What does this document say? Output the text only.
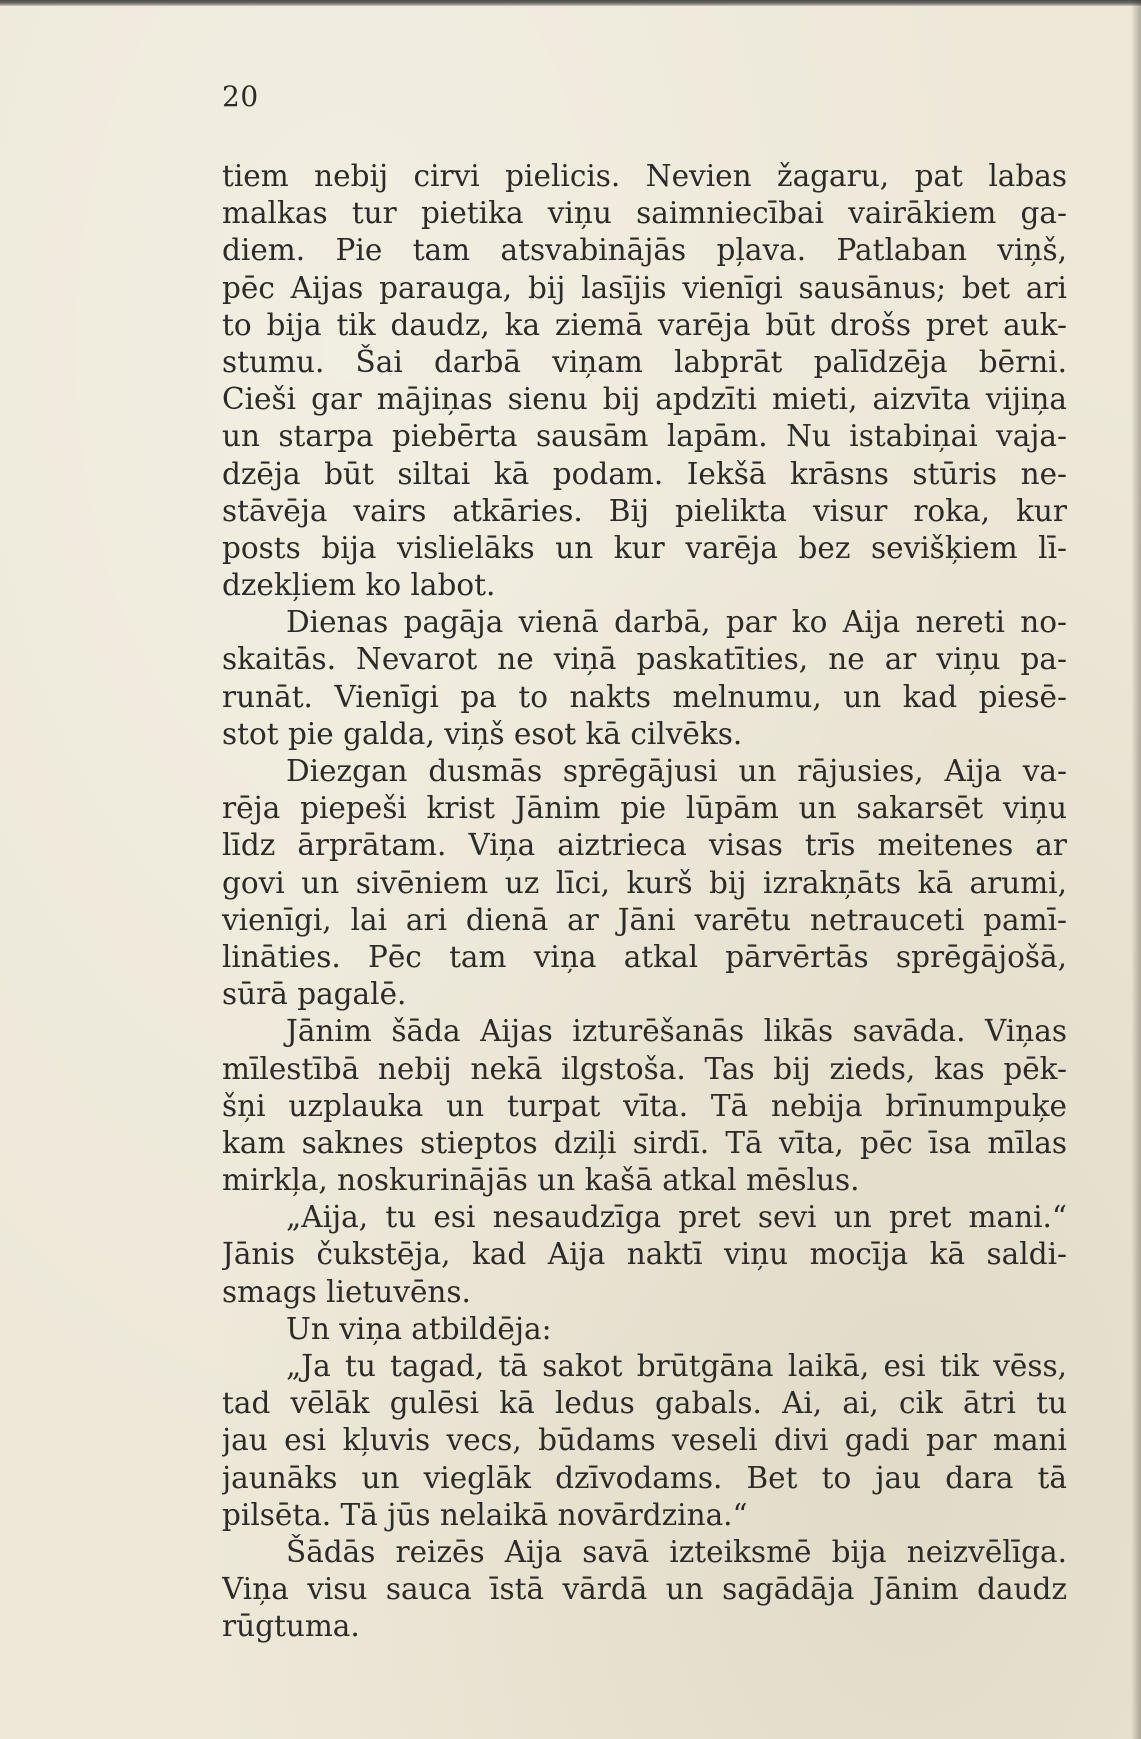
20
tiem nebij cirvi pielicis. Nevien žagaru, pat labas
malkas tur pietika viņu saimniecībai vairākiem ga-
diem. Pie tam atsvabinājās pļava. Patlaban viņš,
pēc Aijas parauga, bij lasījis vienīgi sausānus; bet ari
to bija tik daudz, ka ziemā varēja būt drošs pret auk-
stumu. Šai darbā viņam labprāt palīdzēja bērni.
Cieši gar mājiņas sienu bij apdzīti mieti, aizvīta vijiņa
un starpa piebērta sausām lapām. Nu istabiņai vaja-
dzēja būt siltai kā podam. Iekšā krāsns stūris ne-
stāvēja vairs atkāries. Bij pielikta visur roka, kur
posts bija vislielāks un kur varēja bez sevišķiem lī-
dzekļiem ko labot.
Dienas pagāja vienā darbā, par ko Aija nereti no-
skaitās. Nevarot ne viņā paskatīties, ne ar viņu pa-
runāt. Vienīgi pa to nakts melnumu, un kad piesē-
stot pie galda, viņš esot kā cilvēks.
Diezgan dusmās sprēgājusi un rājusies, Aija va-
rēja piepeši krist Jānim pie lūpām un sakarsēt viņu
līdz ārprātam. Viņa aiztrieca visas trīs meitenes ar
govi un sivēniem uz līci, kurš bij izrakņāts kā arumi,
vienīgi, lai ari dienā ar Jāni varētu netrauceti pamī-
lināties. Pēc tam viņa atkal pārvērtās sprēgājošā,
sūrā pagalē.
Jānim šāda Aijas izturēšanās likās savāda. Viņas
mīlestībā nebij nekā ilgstoša. Tas bij zieds, kas pēk-
šņi uzplauka un turpat vīta. Tā nebija brīnumpuķe
kam saknes stieptos dziļi sirdī. Tā vīta, pēc īsa mīlas
mirkļa, noskurinājās un kašā atkal mēslus.
„Aija, tu esi nesaudzīga pret sevi un pret mani.“
Jānis čukstēja, kad Aija naktī viņu mocīja kā saldi-
smags lietuvēns.
Un viņa atbildēja:
„Ja tu tagad, tā sakot brūtgāna laikā, esi tik vēss,
tad vēlāk gulēsi kā ledus gabals. Ai, ai, cik ātri tu
jau esi kļuvis vecs, būdams veseli divi gadi par mani
jaunāks un vieglāk dzīvodams. Bet to jau dara tā
pilsēta. Tā jūs nelaikā novārdzina.“
Šādās reizēs Aija savā izteiksmē bija neizvēlīga.
Viņa visu sauca īstā vārdā un sagādāja Jānim daudz
rūgtuma.
